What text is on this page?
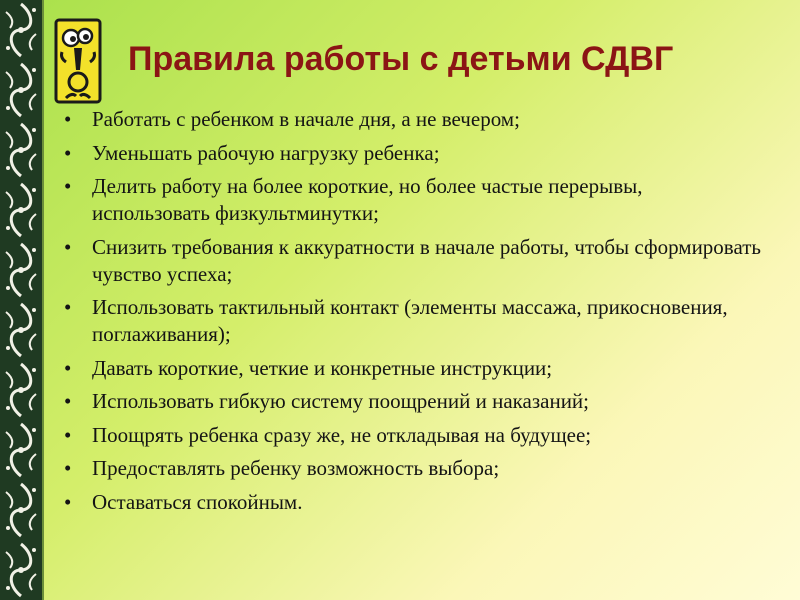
Правила работы с детьми СДВГ
• Работать с ребенком в начале дня, а не вечером;
• Уменьшать рабочую нагрузку ребенка;
• Делить работу на более короткие, но более частые перерывы, использовать физкультминутки;
• Снизить требования к аккуратности в начале работы, чтобы сформировать чувство успеха;
• Использовать тактильный контакт (элементы массажа, прикосновения, поглаживания);
• Давать короткие, четкие и конкретные инструкции;
• Использовать гибкую систему поощрений и наказаний;
• Поощрять ребенка сразу же, не откладывая на будущее;
• Предоставлять ребенку возможность выбора;
• Оставаться спокойным.
